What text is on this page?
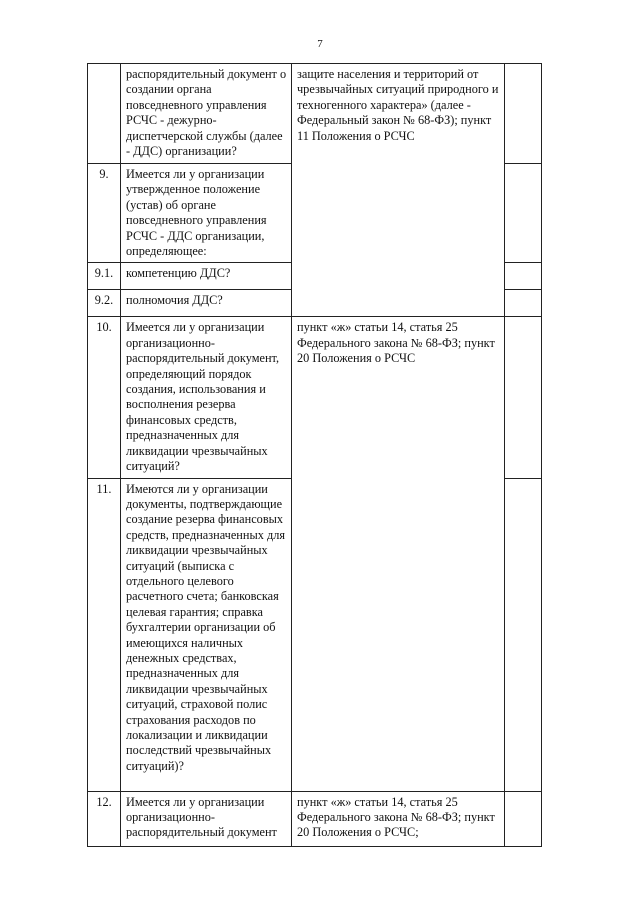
7
	распорядительный документ о создании органа повседневного управления РСЧС - дежурно-диспетчерской службы (далее - ДДС) организации?	защите населения и территорий от чрезвычайных ситуаций природного и техногенного характера» (далее - Федеральный закон № 68-ФЗ); пункт 11 Положения о РСЧС	
9.	Имеется ли у организации утвержденное положение (устав) об органе повседневного управления РСЧС - ДДС организации, определяющее:		
9.1.	компетенцию ДДС?		
9.2.	полномочия ДДС?		
10.	Имеется ли у организации организационно-распорядительный документ, определяющий порядок создания, использования и восполнения резерва финансовых средств, предназначенных для ликвидации чрезвычайных ситуаций?	пункт «ж» статьи 14, статья 25 Федерального закона № 68-ФЗ; пункт 20 Положения о РСЧС	
11.	Имеются ли у организации документы, подтверждающие создание резерва финансовых средств, предназначенных для ликвидации чрезвычайных ситуаций (выписка с отдельного целевого расчетного счета; банковская целевая гарантия; справка бухгалтерии организации об имеющихся наличных денежных средствах, предназначенных для ликвидации чрезвычайных ситуаций, страховой полис страхования расходов по локализации и ликвидации последствий чрезвычайных ситуаций)?		
12.	Имеется ли у организации организационно-распорядительный документ	пункт «ж» статьи 14, статья 25 Федерального закона № 68-ФЗ; пункт 20 Положения о РСЧС;	
